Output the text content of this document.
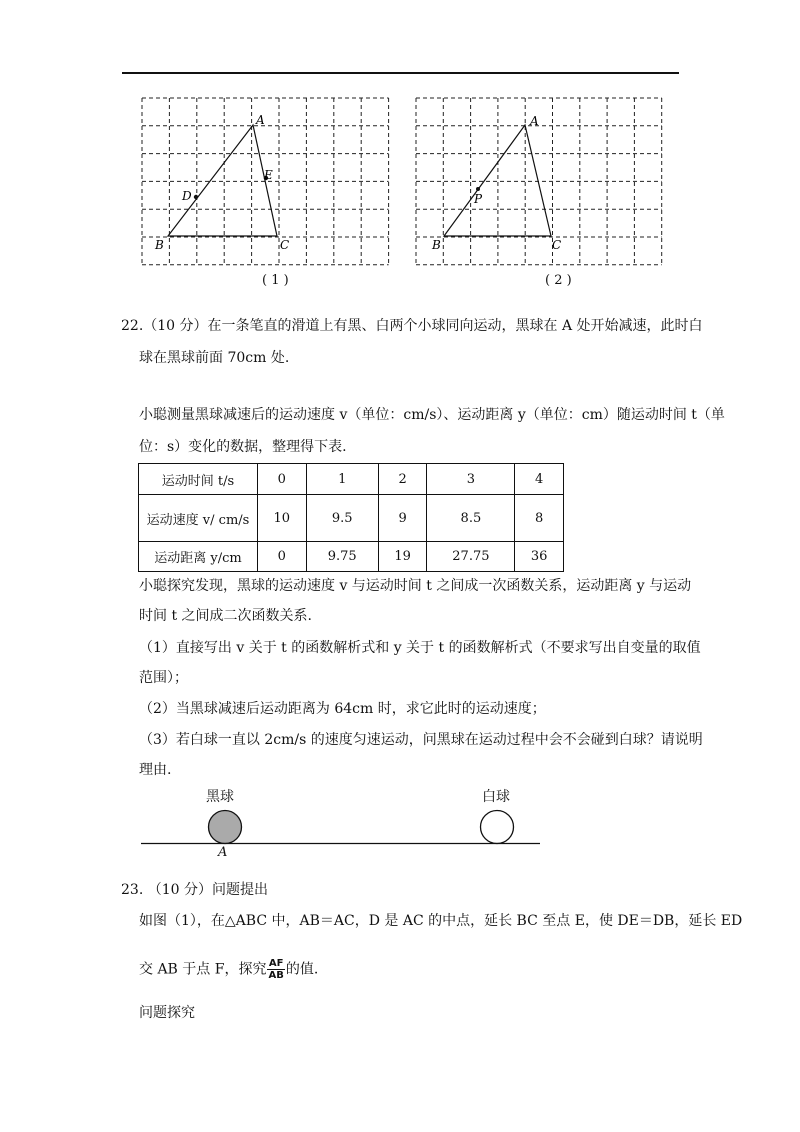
A
B	C
D
E
A
B	C
P
( 1 )	( 2 )
22.（10 分）在一条笔直的滑道上有黑、白两个小球同向运动，黑球在 A 处开始减速，此时白
球在黑球前面 70cm 处.
小聪测量黑球减速后的运动速度 v（单位：cm/s）、运动距离 y（单位：cm）随运动时间 t（单
位：s）变化的数据，整理得下表.
运动时间 t/s	0	1	2	3	4
运动速度 v/ cm/s	10	9.5	9	8.5	8
运动距离 y/cm	0	9.75	19	27.75	36
小聪探究发现，黑球的运动速度 v 与运动时间 t 之间成一次函数关系，运动距离 y 与运动
时间 t 之间成二次函数关系.
（1）直接写出 v 关于 t 的函数解析式和 y 关于 t 的函数解析式（不要求写出自变量的取值
范围）；
（2）当黑球减速后运动距离为 64cm 时，求它此时的运动速度；
（3）若白球一直以 2cm/s 的速度匀速运动，问黑球在运动过程中会不会碰到白球？请说明
理由.
黑球	白球
A
23. （10 分）问题提出
如图（1），在△ABC 中，AB＝AC，D 是 AC 的中点，延长 BC 至点 E，使 DE＝DB，延长 ED
交 AB 于点 F，探究 $\frac{AF}{AB}$ 的值.
问题探究
